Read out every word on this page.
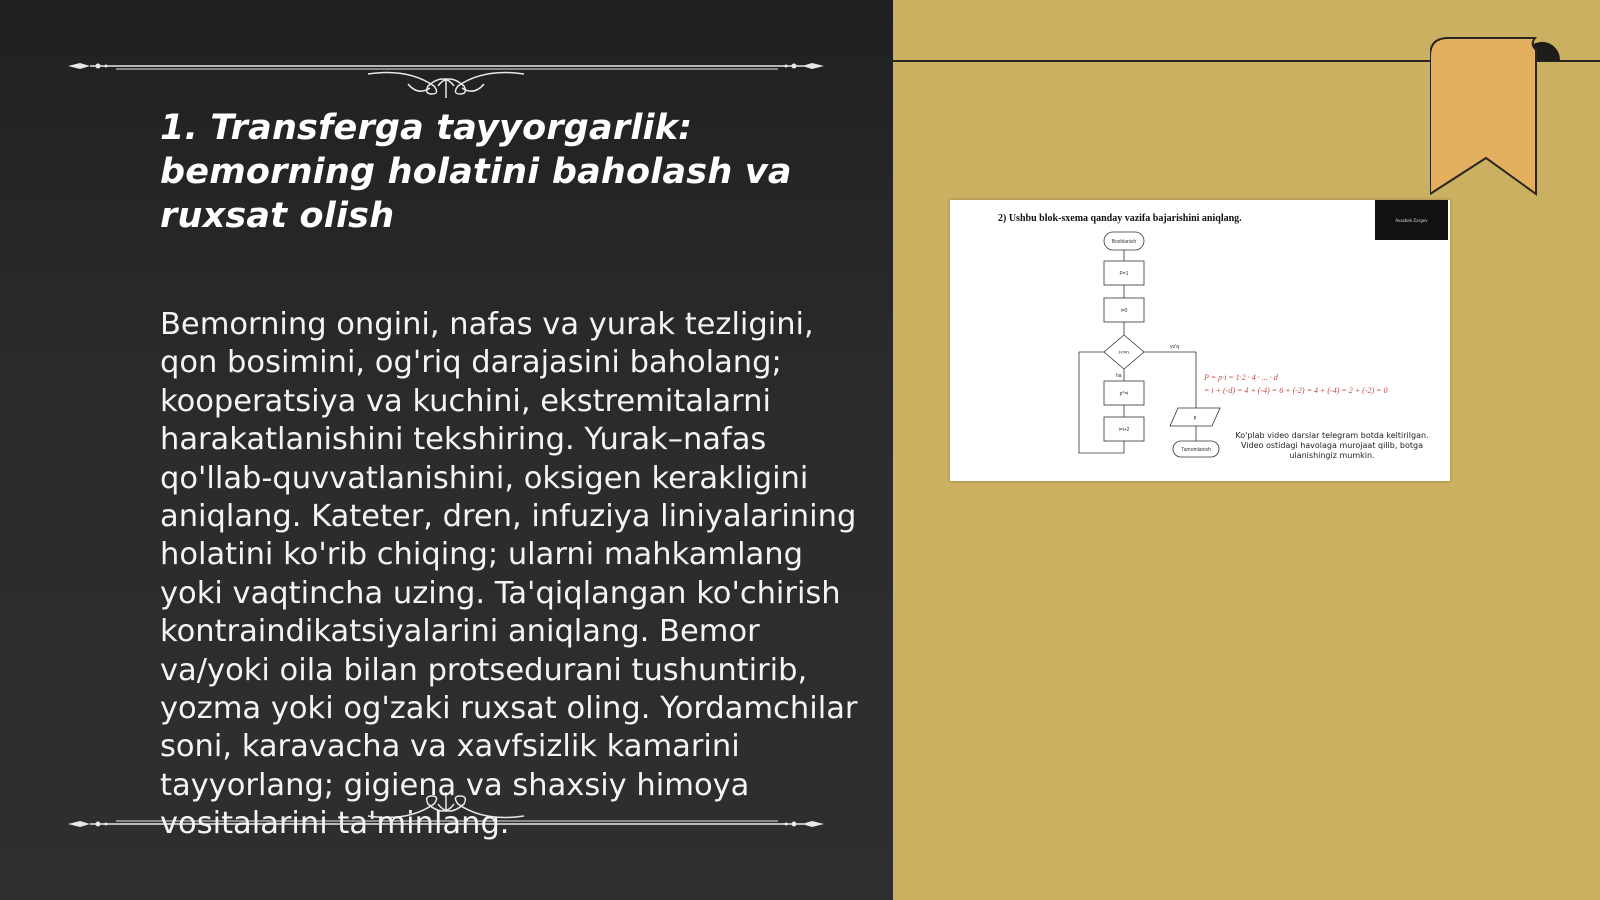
1. Transferga tayyorgarlik: bemorning holatini baholash va ruxsat olish

Bemorning ongini, nafas va yurak tezligini, qon bosimini, og'riq darajasini baholang; kooperatsiya va kuchini, ekstremitalarni harakatlanishini tekshiring. Yurak–nafas qo'llab-quvvatlanishini, oksigen kerakligini aniqlang. Kateter, dren, infuziya liniyalarining holatini ko'rib chiqing; ularni mahkamlang yoki vaqtincha uzing. Ta'qiqlangan ko'chirish kontraindikatsiyalarini aniqlang. Bemor va/yoki oila bilan protsedurani tushuntirib, yozma yoki og'zaki ruxsat oling. Yordamchilar soni, karavacha va xavfsizlik kamarini tayyorlang; gigiena va shaxsiy himoya vositalarini ta'minlang.

2) Ushbu blok-sxema qanday vazifa bajarishini aniqlang.	Avazbek Zargev
Boshlanish
P=1
i=0
i<=n
p*=i
i=i+2
p
Tamomlanish
yo'q
ha	P = p·i = 1·2 · 4 · ... · d
= i + (-d) = 4 + (-4) = 6 + (-2) = 4 + (-4) = 2 + (-2) = 0
Ko'plab video darslar telegram botda keltirilgan. Video ostidagi havolaga murojaat qilib, botga ulanishingiz mumkin.
